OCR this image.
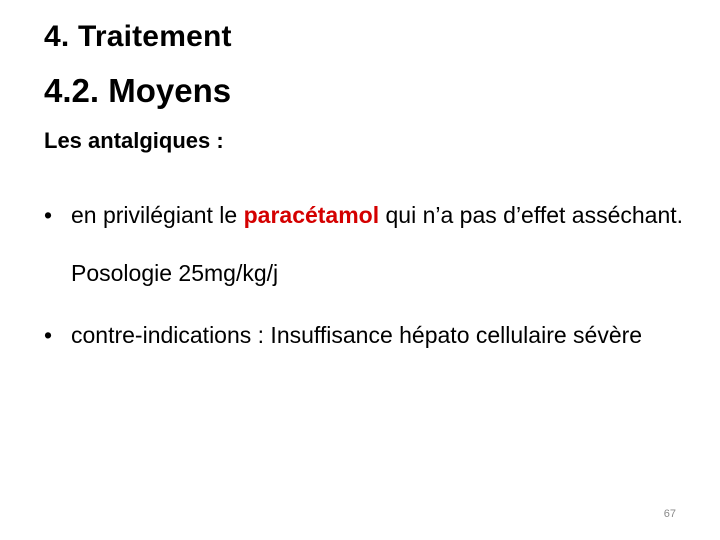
4. Traitement
4.2. Moyens
Les antalgiques :
• en privilégiant le paracétamol qui n’a pas d’effet asséchant. Posologie 25mg/kg/j
• contre-indications : Insuffisance hépato cellulaire sévère
67
